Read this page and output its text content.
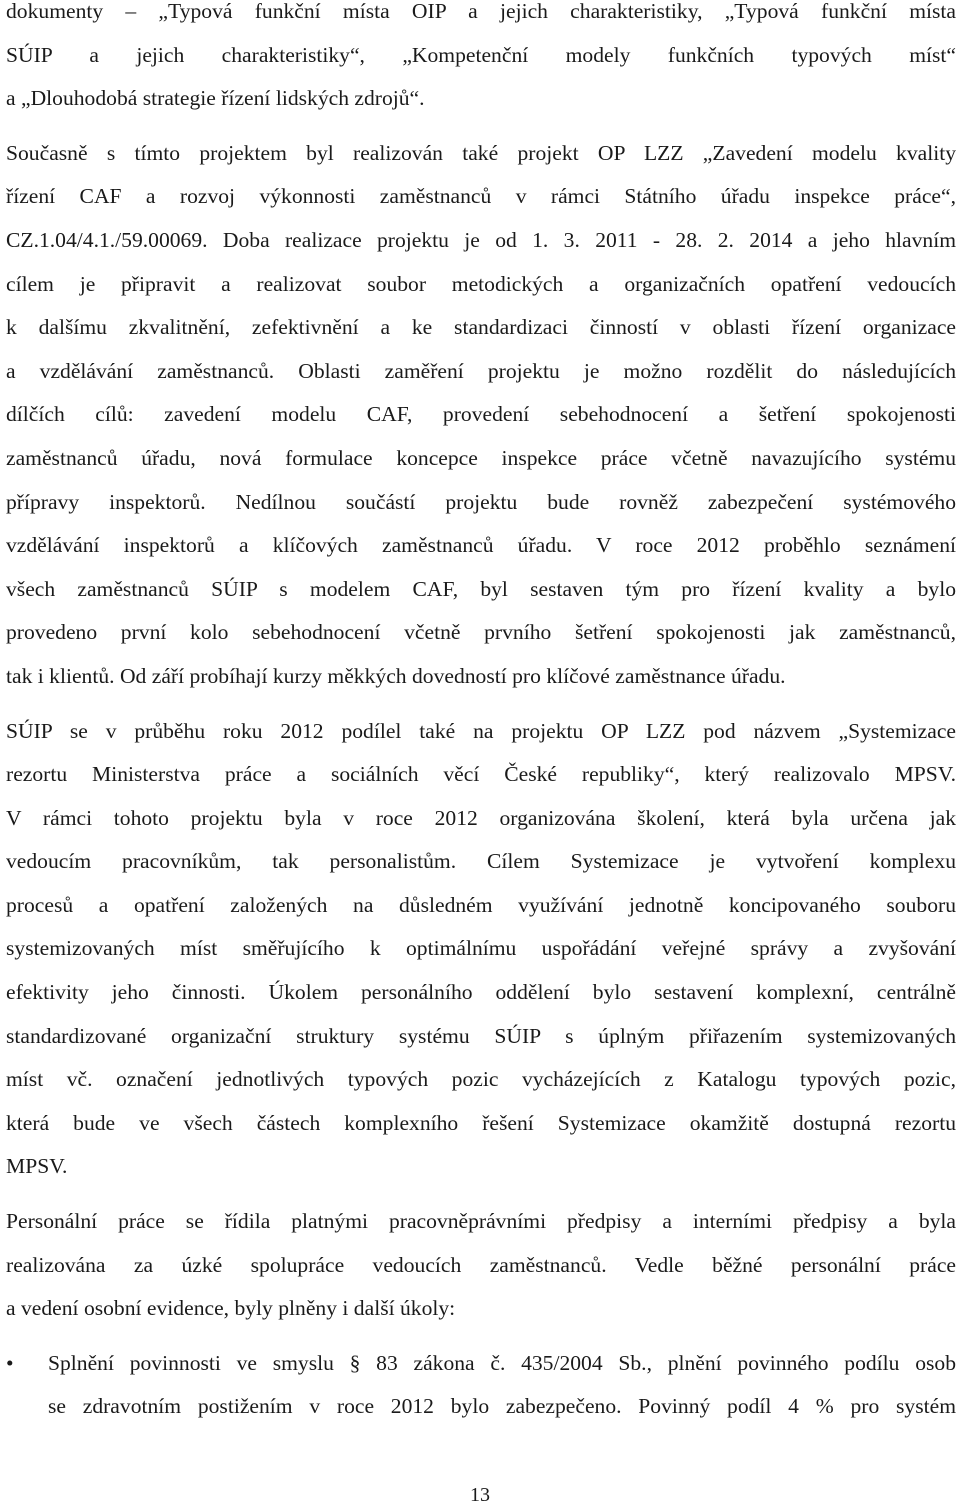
dokumenty – „Typová funkční místa OIP a jejich charakteristiky, „Typová funkční místa
SÚIP a jejich charakteristiky“, „Kompetenční modely funkčních typových míst“
a „Dlouhodobá strategie řízení lidských zdrojů“.
Současně s tímto projektem byl realizován také projekt OP LZZ „Zavedení modelu kvality
řízení CAF a rozvoj výkonnosti zaměstnanců v rámci Státního úřadu inspekce práce“,
CZ.1.04/4.1./59.00069. Doba realizace projektu je od 1. 3. 2011 - 28. 2. 2014 a jeho hlavním
cílem je připravit a realizovat soubor metodických a organizačních opatření vedoucích
k dalšímu zkvalitnění, zefektivnění a ke standardizaci činností v oblasti řízení organizace
a vzdělávání zaměstnanců. Oblasti zaměření projektu je možno rozdělit do následujících
dílčích cílů: zavedení modelu CAF, provedení sebehodnocení a šetření spokojenosti
zaměstnanců úřadu, nová formulace koncepce inspekce práce včetně navazujícího systému
přípravy inspektorů. Nedílnou součástí projektu bude rovněž zabezpečení systémového
vzdělávání inspektorů a klíčových zaměstnanců úřadu. V roce 2012 proběhlo seznámení
všech zaměstnanců SÚIP s modelem CAF, byl sestaven tým pro řízení kvality a bylo
provedeno první kolo sebehodnocení včetně prvního šetření spokojenosti jak zaměstnanců,
tak i klientů. Od září probíhají kurzy měkkých dovedností pro klíčové zaměstnance úřadu.
SÚIP se v průběhu roku 2012 podílel také na projektu OP LZZ pod názvem „Systemizace
rezortu Ministerstva práce a sociálních věcí České republiky“, který realizovalo MPSV.
V rámci tohoto projektu byla v roce 2012 organizována školení, která byla určena jak
vedoucím pracovníkům, tak personalistům. Cílem Systemizace je vytvoření komplexu
procesů a opatření založených na důsledném využívání jednotně koncipovaného souboru
systemizovaných míst směřujícího k optimálnímu uspořádání veřejné správy a zvyšování
efektivity jeho činnosti. Úkolem personálního oddělení bylo sestavení komplexní, centrálně
standardizované organizační struktury systému SÚIP s úplným přiřazením systemizovaných
míst vč. označení jednotlivých typových pozic vycházejících z Katalogu typových pozic,
která bude ve všech částech komplexního řešení Systemizace okamžitě dostupná rezortu
MPSV.
Personální práce se řídila platnými pracovněprávními předpisy a interními předpisy a byla
realizována za úzké spolupráce vedoucích zaměstnanců. Vedle běžné personální práce
a vedení osobní evidence, byly plněny i další úkoly:
• Splnění povinnosti ve smyslu § 83 zákona č. 435/2004 Sb., plnění povinného podílu osob
se zdravotním postižením v roce 2012 bylo zabezpečeno. Povinný podíl 4 % pro systém
13
